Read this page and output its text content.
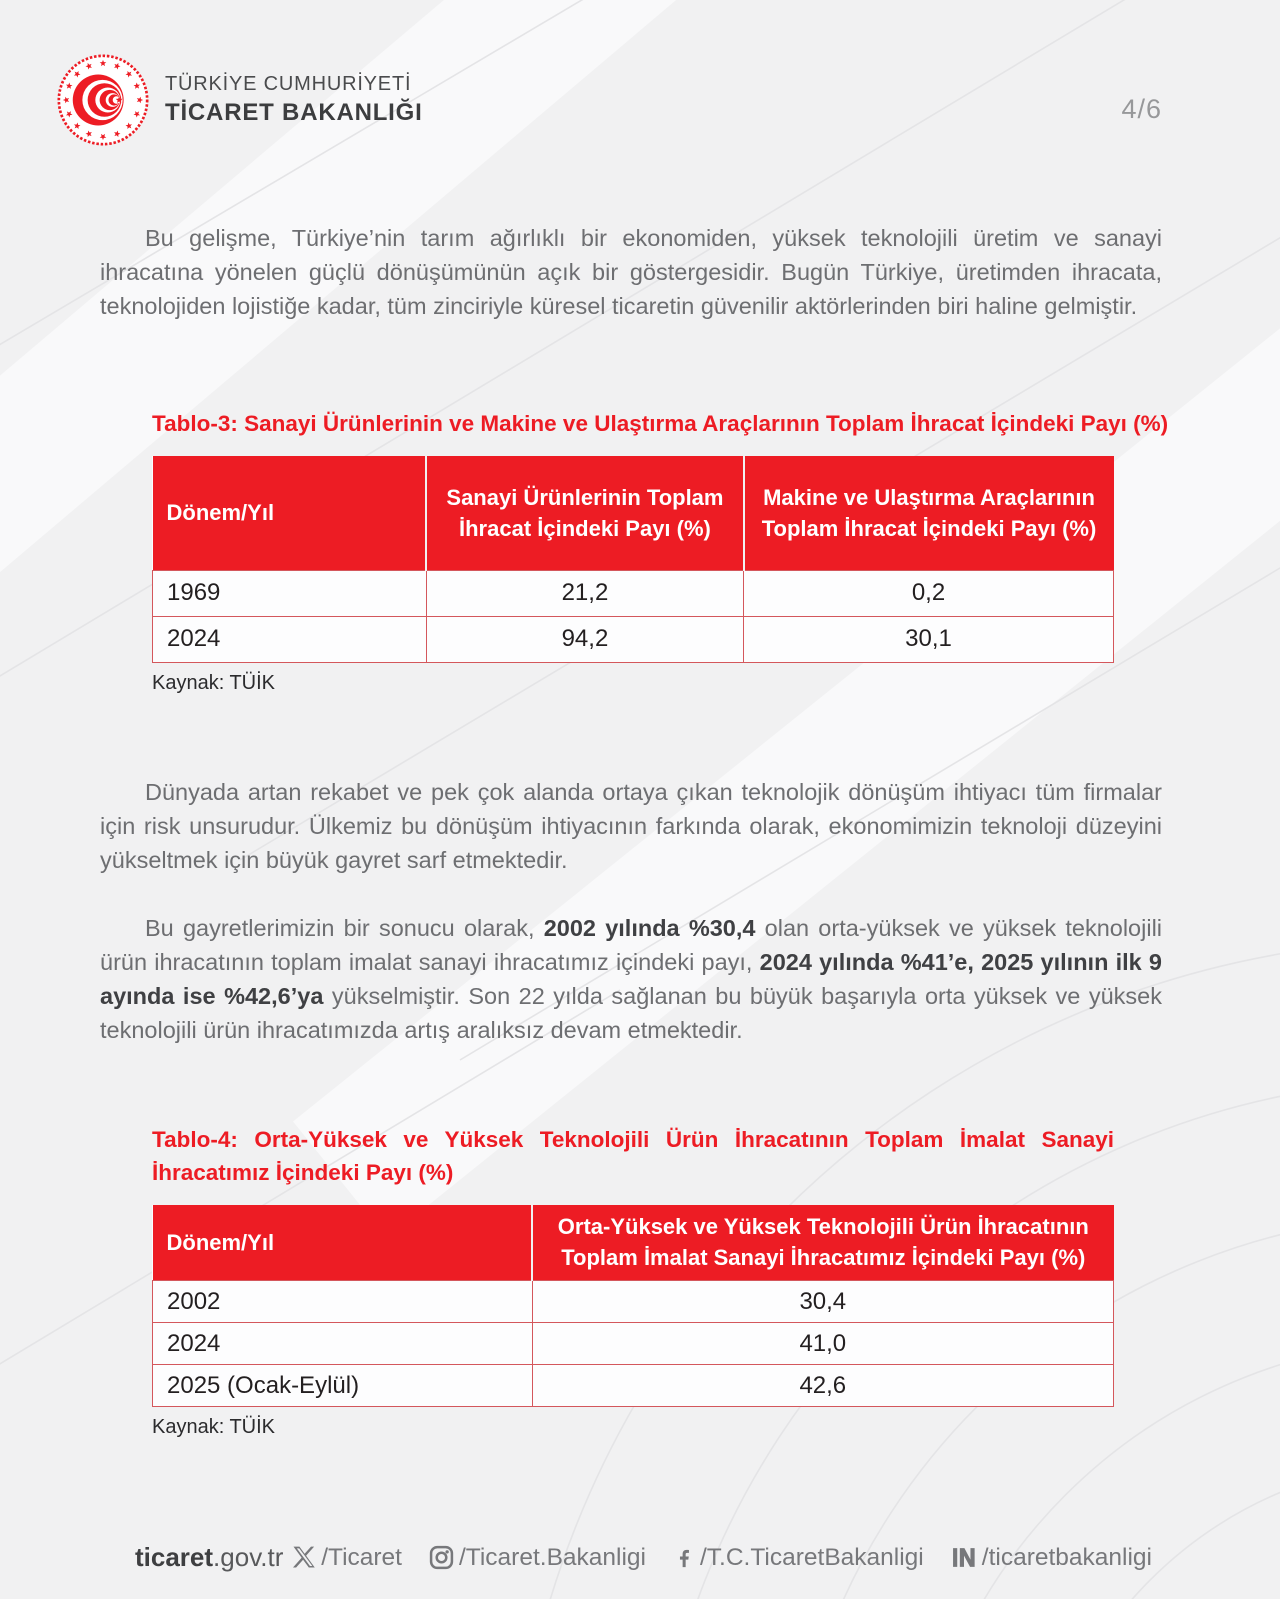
TÜRKİYE CUMHURİYETİ
TİCARET BAKANLIĞI	4/6

Bu gelişme, Türkiye’nin tarım ağırlıklı bir ekonomiden, yüksek teknolojili üretim ve sanayi ihracatına yönelen güçlü dönüşümünün açık bir göstergesidir. Bugün Türkiye, üretimden ihracata, teknolojiden lojistiğe kadar, tüm zinciriyle küresel ticaretin güvenilir aktörlerinden biri haline gelmiştir.

Tablo-3: Sanayi Ürünlerinin ve Makine ve Ulaştırma Araçlarının Toplam İhracat İçindeki Payı (%)
Dönem/Yıl	Sanayi Ürünlerinin Toplam İhracat İçindeki Payı (%)	Makine ve Ulaştırma Araçlarının Toplam İhracat İçindeki Payı (%)
1969	21,2	0,2
2024	94,2	30,1
Kaynak: TÜİK

Dünyada artan rekabet ve pek çok alanda ortaya çıkan teknolojik dönüşüm ihtiyacı tüm firmalar için risk unsurudur. Ülkemiz bu dönüşüm ihtiyacının farkında olarak, ekonomimizin teknoloji düzeyini yükseltmek için büyük gayret sarf etmektedir.

Bu gayretlerimizin bir sonucu olarak, 2002 yılında %30,4 olan orta-yüksek ve yüksek teknolojili ürün ihracatının toplam imalat sanayi ihracatımız içindeki payı, 2024 yılında %41’e, 2025 yılının ilk 9 ayında ise %42,6’ya yükselmiştir. Son 22 yılda sağlanan bu büyük başarıyla orta yüksek ve yüksek teknolojili ürün ihracatımızda artış aralıksız devam etmektedir.

Tablo-4: Orta-Yüksek ve Yüksek Teknolojili Ürün İhracatının Toplam İmalat Sanayi İhracatımız İçindeki Payı (%)
Dönem/Yıl	Orta-Yüksek ve Yüksek Teknolojili Ürün İhracatının Toplam İmalat Sanayi İhracatımız İçindeki Payı (%)
2002	30,4
2024	41,0
2025 (Ocak-Eylül)	42,6
Kaynak: TÜİK
ticaret.gov.tr /Ticaret /Ticaret.Bakanligi /T.C.TicaretBakanligi /ticaretbakanligi
